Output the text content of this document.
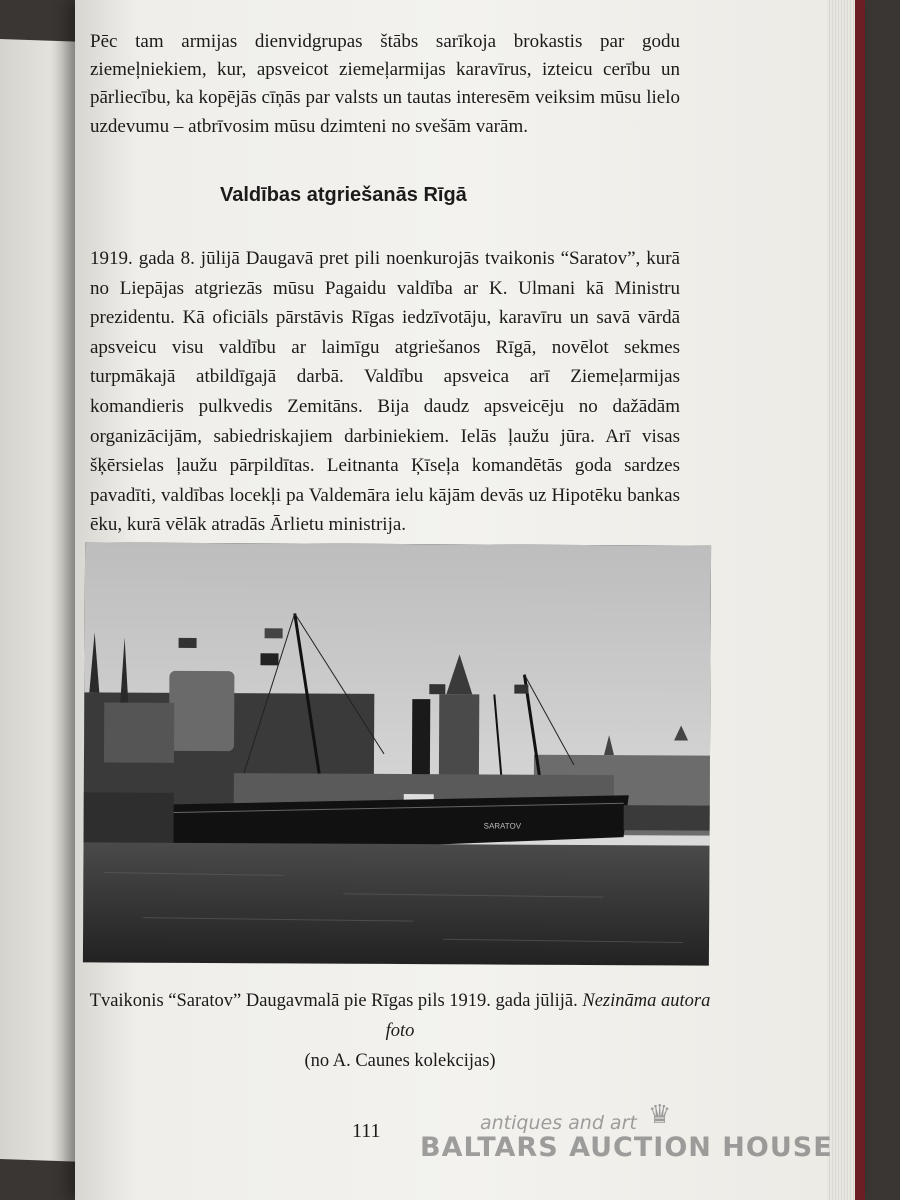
Pēc tam armijas dienvidgrupas štābs sarīkoja brokastis par godu ziemeļniekiem, kur, apsveicot ziemeļarmijas karavīrus, izteicu cerību un pārliecību, ka kopējās cīņās par valsts un tautas interesēm veiksim mūsu lielo uzdevumu – atbrīvosim mūsu dzimteni no svešām varām.

Valdības atgriešanās Rīgā
1919. gada 8. jūlijā Daugavā pret pili noenkurojās tvaikonis “Saratov”, kurā no Liepājas atgriezās mūsu Pagaidu valdība ar K. Ulmani kā Ministru prezidentu. Kā oficiāls pārstāvis Rīgas iedzīvotāju, karavīru un savā vārdā apsveicu visu valdību ar laimīgu atgriešanos Rīgā, novēlot sekmes turpmākajā atbildīgajā darbā. Valdību apsveica arī Ziemeļarmijas komandieris pulkvedis Zemitāns. Bija daudz apsveicēju no dažādām organizācijām, sabiedriskajiem darbiniekiem. Ielās ļaužu jūra. Arī visas šķērsielas ļaužu pārpildītas. Leitnanta Ķīseļa komandētās goda sardzes pavadīti, valdības locekļi pa Valdemāra ielu kājām devās uz Hipotēku bankas ēku, kurā vēlāk atradās Ārlietu ministrija.
SARATOV
Tvaikonis “Saratov” Daugavmalā pie Rīgas pils 1919. gada jūlijā. Nezināma autora foto
(no A. Caunes kolekcijas)
111
♛
antiques and art
BALTARS AUCTION HOUSE
